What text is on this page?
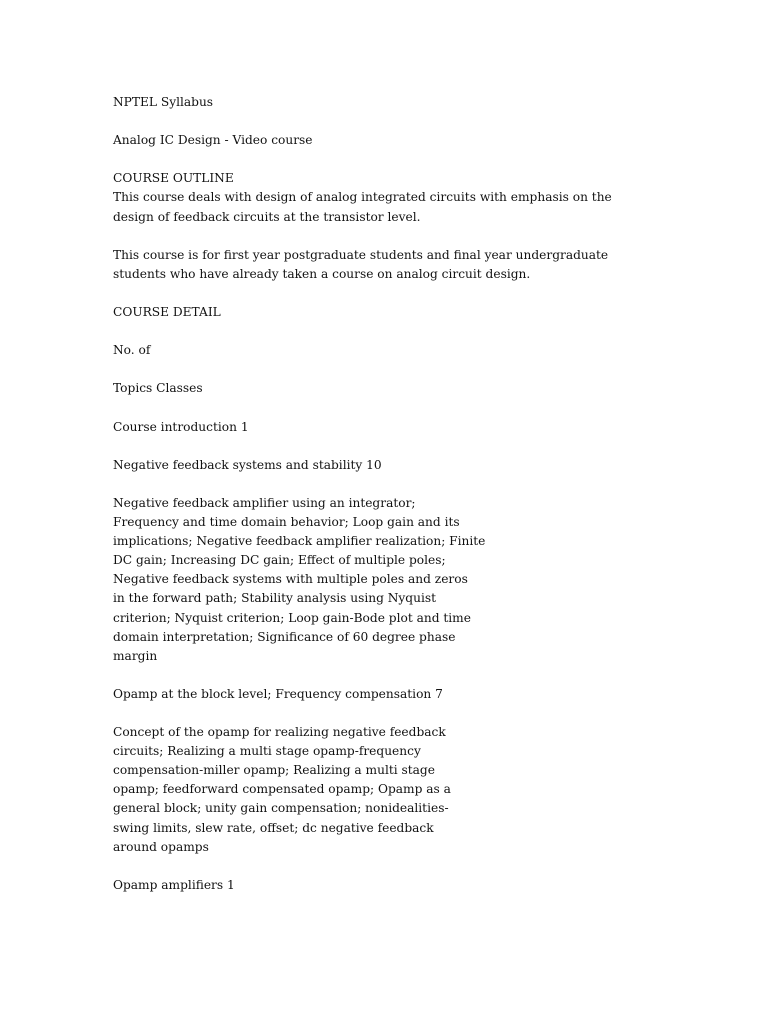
NPTEL Syllabus
Analog IC Design - Video course
COURSE OUTLINE
This course deals with design of analog integrated circuits with emphasis on the
design of feedback circuits at the transistor level.
This course is for first year postgraduate students and final year undergraduate
students who have already taken a course on analog circuit design.
COURSE DETAIL
No. of
Topics Classes
Course introduction 1
Negative feedback systems and stability 10
Negative feedback amplifier using an integrator;
Frequency and time domain behavior; Loop gain and its
implications; Negative feedback amplifier realization; Finite
DC gain; Increasing DC gain; Effect of multiple poles;
Negative feedback systems with multiple poles and zeros
in the forward path; Stability analysis using Nyquist
criterion; Nyquist criterion; Loop gain-Bode plot and time
domain interpretation; Significance of 60 degree phase
margin
Opamp at the block level; Frequency compensation 7
Concept of the opamp for realizing negative feedback
circuits; Realizing a multi stage opamp-frequency
compensation-miller opamp; Realizing a multi stage
opamp; feedforward compensated opamp; Opamp as a
general block; unity gain compensation; nonidealities-
swing limits, slew rate, offset; dc negative feedback
around opamps
Opamp amplifiers 1
